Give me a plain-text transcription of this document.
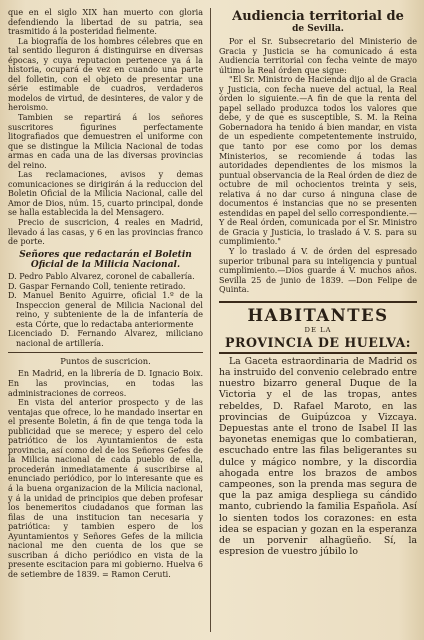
que en el siglo XIX han muerto con gloria defendiendo la libertad de su patria, sea trasmitido á la posteridad fielmente.

La biografía de los hombres célebres que en tal sentido lleguron á distinguirse en diversas épocas, y cuya reputacion pertenece ya á la historia, ocupará de vez en cuando una parte del folletin, con el objeto de presentar una série estimable de cuadros, verdaderos modelos de virtud, de desinteres, de valor y de heroismo.

Tambien se repartirá á los señores suscritores figurines perfectamente litografiados que demuestren el uniforme con que se distingue la Milicia Nacional de todas armas en cada una de las diversas provincias del reino.

Las reclamaciones, avisos y demas comunicaciones se dirigirán á la reduccion del Boletin Oficial de la Milicia Nacional, calle del Amor de Dios, núm. 15, cuarto principal, donde se halla establecida la del Mensagero.

Precio de suscricion, 4 reales en Madrid, llevado á las casas, y 6 en las provincias franco de porte.

Señores que redactarán el Boletin Oficial de la Milicia Nacional.

D. Pedro Pablo Alvarez, coronel de caballería.

D. Gaspar Fernando Coll, teniente retirado.

D. Manuel Benito Aguirre, oficial 1.º de la Inspeccion general de Milicia Nacional del reino, y subteniente de la de infantería de esta Córte, que lo redactaba anteriormente

Licenciado D. Fernando Alvarez, miliciano nacional de artillería.

Puntos de suscricion.

En Madrid, en la librería de D. Ignacio Boix. En las provincias, en todas las administraciones de correos.

En vista del anterior prospecto y de las ventajas que ofrece, lo he mandado insertar en el presente Boletin, á fin de que tenga toda la publicidad que se merece; y espero del celo patriótico de los Ayuntamientos de esta provincia, así como del de los Señores Gefes de la Milicia nacional de cada pueblo de ella, procederán inmediatamente á suscribirse al enunciado periódico, por lo interesante que es á la buena organizacion de la Milicia nacional, y á la unidad de principios que deben profesar los benemeritos ciudadanos que forman las filas de una institucion tan necesaria y patriótica: y tambien espero de los Ayuntamientos y Señores Gefes de la milicia nacional me den cuenta de los que se suscriban á dicho periódico en vista de la presente escitacion para mi gobierno. Huelva 6 de setiembre de 1839. = Ramon Ceruti.

Audiencia territorial de
de Sevilla.

Por el Sr. Subsecretario del Ministerio de Gracia y Justicia se ha comunicado á esta Audiencia territorial con fecha veinte de mayo último la Real órden que sigue:

"El Sr. Ministro de Hacienda dijo al de Gracia y Justicia, con fecha nueve del actual, la Real órden lo siguiente.—A fin de que la renta del papel sellado produzca todos los valores que debe, y de que es susceptible, S. M. la Reina Gobernadora ha tenido á bien mandar, en vista de un espediente competentemente instruido, que tanto por ese como por los demas Ministerios, se recomiende á todas las autoridades dependientes de los mismos la puntual observancia de la Real órden de diez de octubre de mil ochocientos treinta y seis, relativa á no dar curso á ninguna clase de documentos é instancias que no se presenten estendidas en papel del sello correspondiente.—Y de Real órden, comunicada por el Sr. Ministro de Gracia y Justicia, lo traslado á V. S. para su cumplimiento."

Y lo traslado á V. de órden del espresado superior tribunal para su inteligencia y puntual cumplimiento.—Dios guarde á V. muchos años. Sevilla 25 de junio de 1839. —Don Felipe de Quinta.

HABITANTES
DE LA
PROVINCIA DE HUELVA:

La Gaceta estraordinaria de Madrid os ha instruido del convenio celebrado entre nuestro bizarro general Duque de la Victoria y el de las tropas, antes rebeldes, D. Rafael Maroto, en las provincias de Guipúzcoa y Vizcaya. Depuestas ante el trono de Isabel II las bayonetas enemigas que lo combatieran, escuchado entre las filas beligerantes su dulce y mágico nombre, y la discordia ahogada entre los brazos de ambos campeones, son la prenda mas segura de que la paz amiga despliega su cándido manto, cubriendo la familia Española. Así lo sienten todos los corazones: en esta idea se espacian y gozan en la esperanza de un porvenir alhagüeño. Sí, la espresion de vuestro júbilo lo
